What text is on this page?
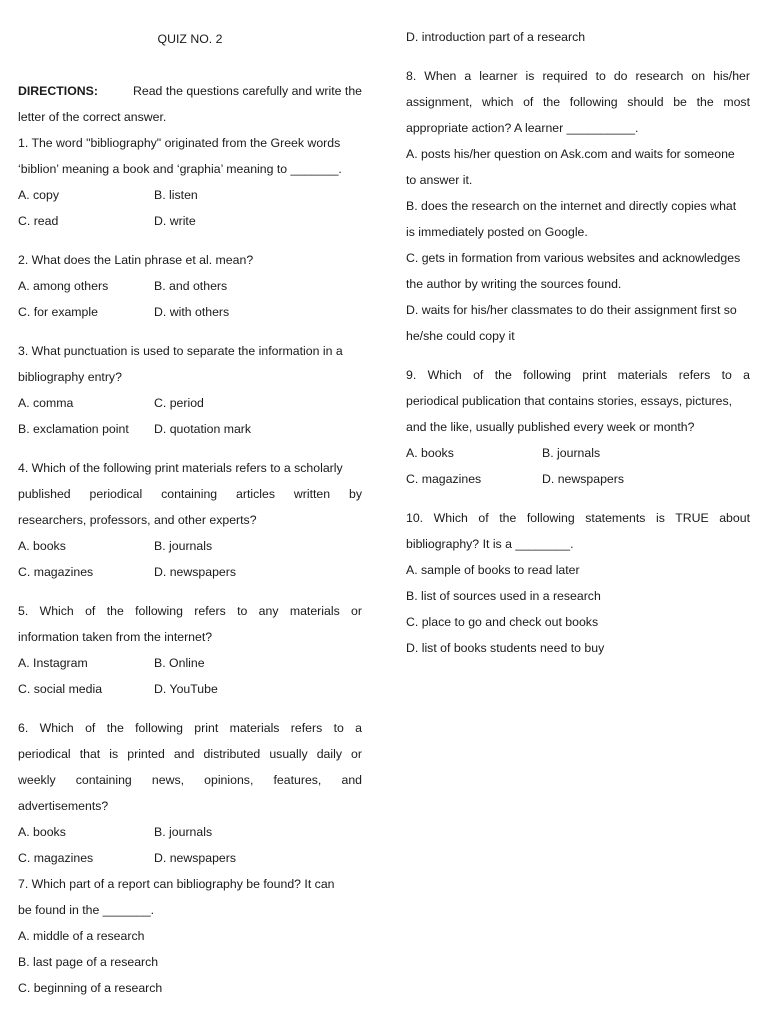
QUIZ NO. 2
DIRECTIONS:	Read the questions carefully and write the
letter of the correct answer.
1. The word "bibliography" originated from the Greek words
‘biblion’ meaning a book and ‘graphia’ meaning to _______.
A. copy	B. listen
C. read	D. write
2. What does the Latin phrase et al. mean?
A. among others	B. and others
C. for example	D. with others
3. What punctuation is used to separate the information in a
bibliography entry?
A. comma	C. period
B. exclamation point	D. quotation mark
4. Which of the following print materials refers to a scholarly
published periodical containing articles written by
researchers, professors, and other experts?
A. books	B. journals
C. magazines	D. newspapers
5. Which of the following refers to any materials or
information taken from the internet?
A. Instagram	B. Online
C. social media	D. YouTube
6. Which of the following print materials refers to a
periodical that is printed and distributed usually daily or
weekly containing news, opinions, features, and
advertisements?
A. books	B. journals
C. magazines	D. newspapers
7. Which part of a report can bibliography be found? It can
be found in the _______.
A. middle of a research
B. last page of a research
C. beginning of a research
D. introduction part of a research
8. When a learner is required to do research on his/her
assignment, which of the following should be the most
appropriate action? A learner __________.
A. posts his/her question on Ask.com and waits for someone
to answer it.
B. does the research on the internet and directly copies what
is immediately posted on Google.
C. gets in formation from various websites and acknowledges
the author by writing the sources found.
D. waits for his/her classmates to do their assignment first so
he/she could copy it
9. Which of the following print materials refers to a
periodical publication that contains stories, essays, pictures,
and the like, usually published every week or month?
A. books	B. journals
C. magazines	D. newspapers
10. Which of the following statements is TRUE about
bibliography? It is a ________.
A. sample of books to read later
B. list of sources used in a research
C. place to go and check out books
D. list of books students need to buy
